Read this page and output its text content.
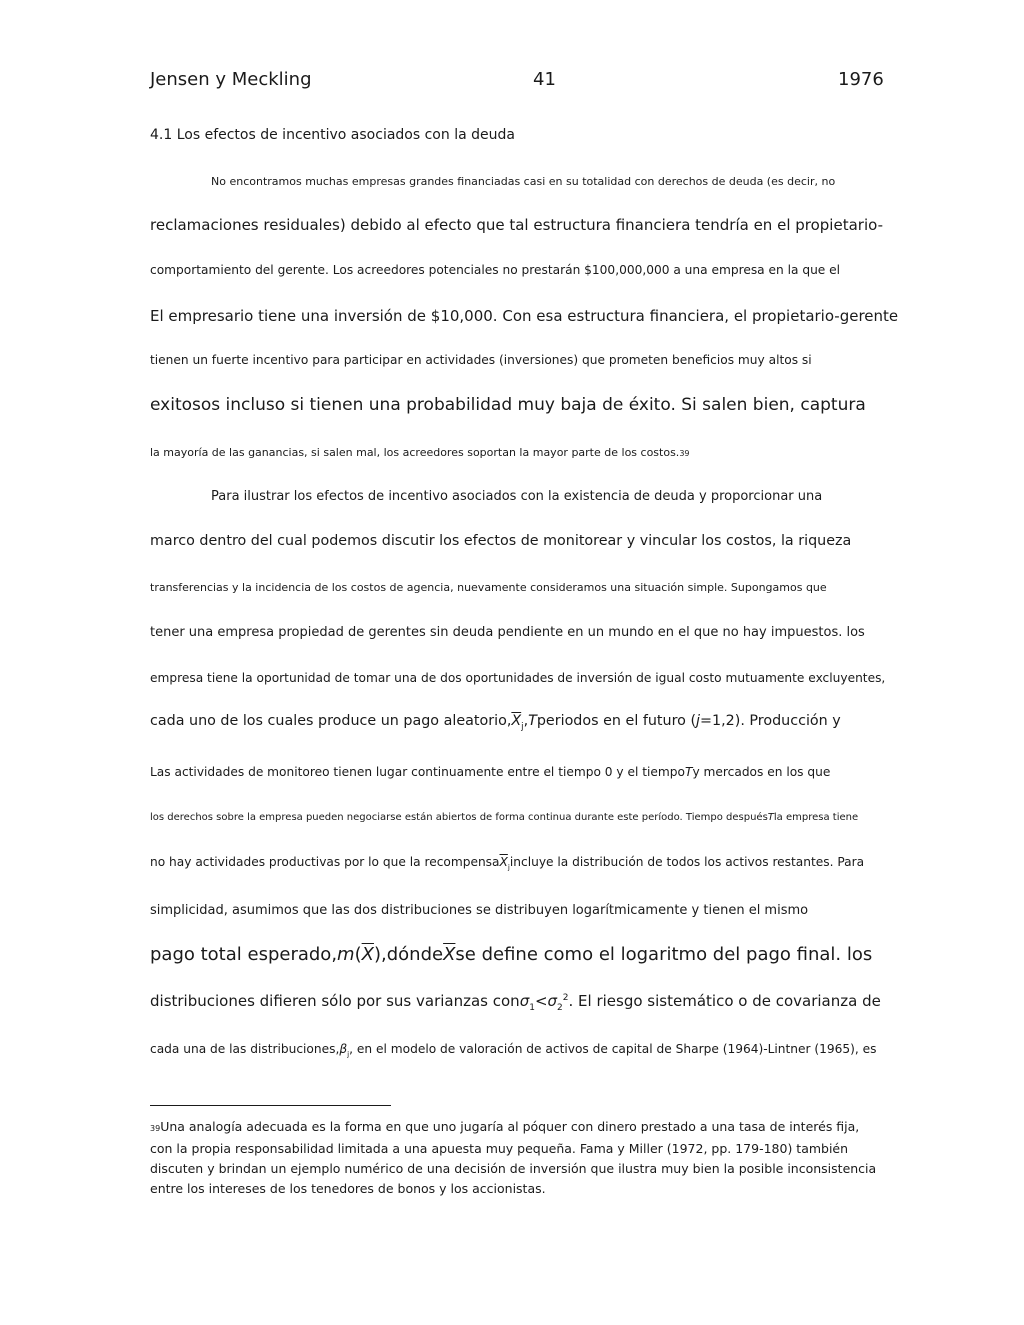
Jensen y Meckling	41	1976
4.1 Los efectos de incentivo asociados con la deuda
No encontramos muchas empresas grandes financiadas casi en su totalidad con derechos de deuda (es decir, no
reclamaciones residuales) debido al efecto que tal estructura financiera tendría en el propietario-
comportamiento del gerente. Los acreedores potenciales no prestarán $100,000,000 a una empresa en la que el
El empresario tiene una inversión de $10,000. Con esa estructura financiera, el propietario-gerente
tienen un fuerte incentivo para participar en actividades (inversiones) que prometen beneficios muy altos si
exitosos incluso si tienen una probabilidad muy baja de éxito. Si salen bien, captura
la mayoría de las ganancias, si salen mal, los acreedores soportan la mayor parte de los costos.39
Para ilustrar los efectos de incentivo asociados con la existencia de deuda y proporcionar una
marco dentro del cual podemos discutir los efectos de monitorear y vincular los costos, la riqueza
transferencias y la incidencia de los costos de agencia, nuevamente consideramos una situación simple. Supongamos que
tener una empresa propiedad de gerentes sin deuda pendiente en un mundo en el que no hay impuestos. los
empresa tiene la oportunidad de tomar una de dos oportunidades de inversión de igual costo mutuamente excluyentes,
cada uno de los cuales produce un pago $aleatorio,\overline{X}_j,Tperiodos$ en el futuro (j=1,2). Producción y
Las actividades de monitoreo tienen lugar continuamente entre el tiempo 0 y el tiempoTy mercados en los que
los derechos sobre la empresa pueden negociarse están abiertos de forma continua durante este período. Tiempo despuésTla empresa tiene
no hay actividades productivas por lo que la $recompensa\overline{X}_jincluye$ la distribución de todos los activos restantes. Para
simplicidad, asumimos que las dos distribuciones se distribuyen logarítmicamente y tienen el mismo
pago total $esperado,m(\overline{X}),dónde\overline{X}se$ define como el logaritmo del pago final. los
distribuciones difieren sólo por sus varianzas $con\sigma_1<\sigma_2^2$. El riesgo sistemático o de covarianza de
cada una de las $distribuciones,\beta_j$, en el modelo de valoración de activos de capital de Sharpe (1964)-Lintner (1965), es
39Una analogía adecuada es la forma en que uno jugaría al póquer con dinero prestado a una tasa de interés fija, con la propia responsabilidad limitada a una apuesta muy pequeña. Fama y Miller (1972, pp. 179-180) también discuten y brindan un ejemplo numérico de una decisión de inversión que ilustra muy bien la posible inconsistencia entre los intereses de los tenedores de bonos y los accionistas.
